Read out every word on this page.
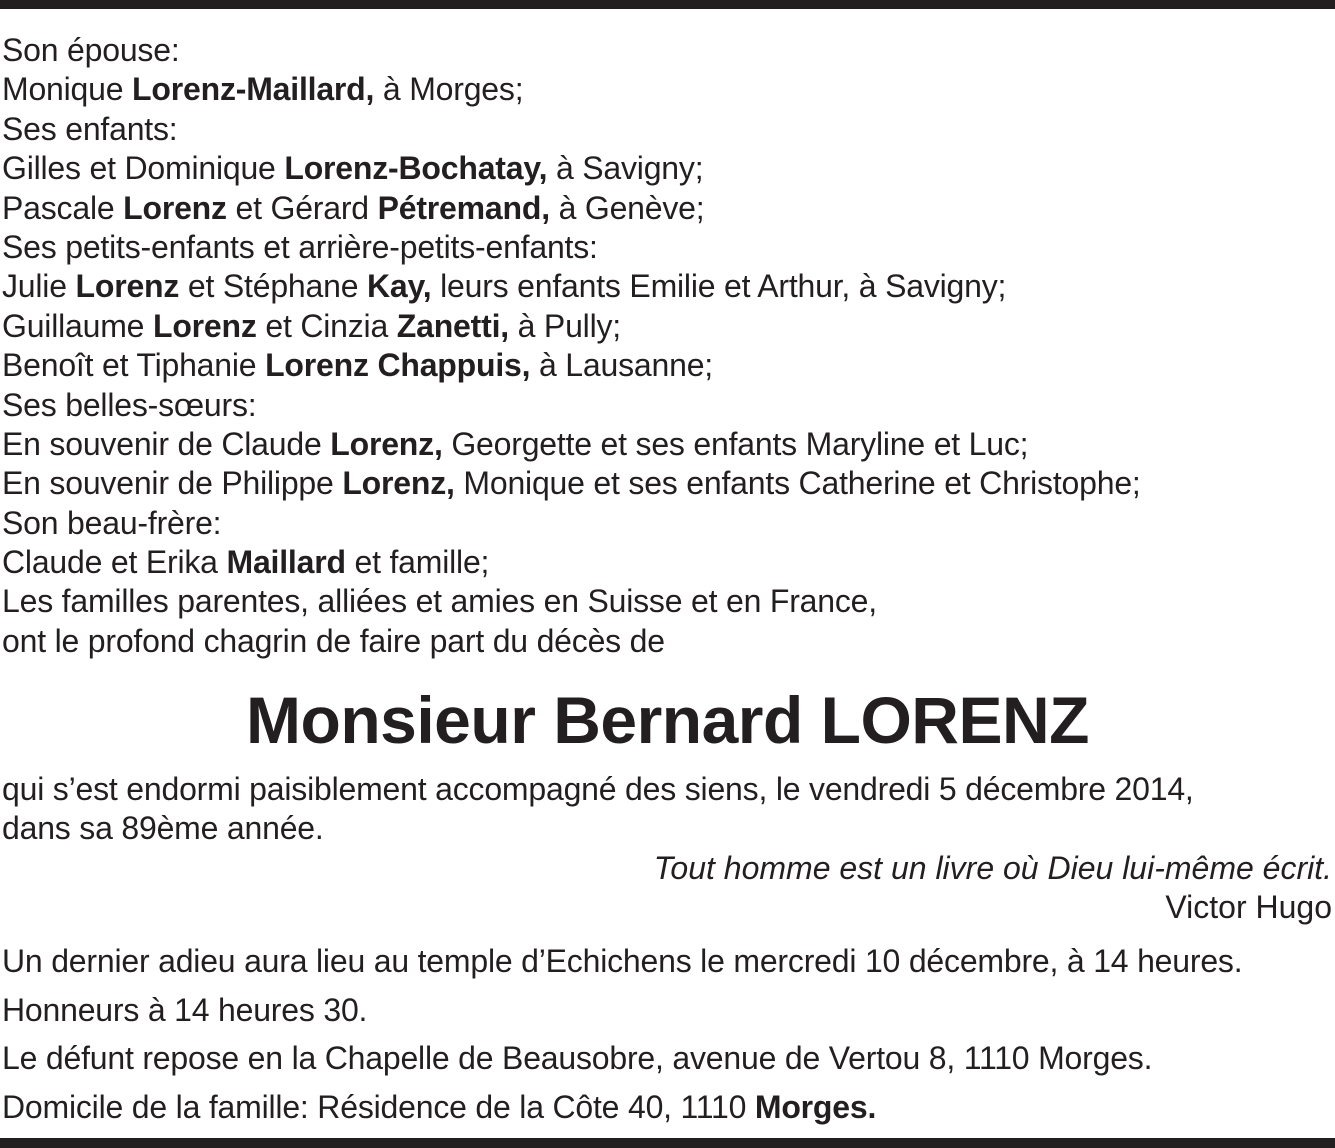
Son épouse:
Monique Lorenz-Maillard, à Morges;
Ses enfants:
Gilles et Dominique Lorenz-Bochatay, à Savigny;
Pascale Lorenz et Gérard Pétremand, à Genève;
Ses petits-enfants et arrière-petits-enfants:
Julie Lorenz et Stéphane Kay, leurs enfants Emilie et Arthur, à Savigny;
Guillaume Lorenz et Cinzia Zanetti, à Pully;
Benoît et Tiphanie Lorenz Chappuis, à Lausanne;
Ses belles-sœurs:
En souvenir de Claude Lorenz, Georgette et ses enfants Maryline et Luc;
En souvenir de Philippe Lorenz, Monique et ses enfants Catherine et Christophe;
Son beau-frère:
Claude et Erika Maillard et famille;
Les familles parentes, alliées et amies en Suisse et en France,
ont le profond chagrin de faire part du décès de
Monsieur Bernard LORENZ
qui s’est endormi paisiblement accompagné des siens, le vendredi 5 décembre 2014,
dans sa 89ème année.
Tout homme est un livre où Dieu lui-même écrit.
Victor Hugo
Un dernier adieu aura lieu au temple d’Echichens le mercredi 10 décembre, à 14 heures.
Honneurs à 14 heures 30.
Le défunt repose en la Chapelle de Beausobre, avenue de Vertou 8, 1110 Morges.
Domicile de la famille: Résidence de la Côte 40, 1110 Morges.
